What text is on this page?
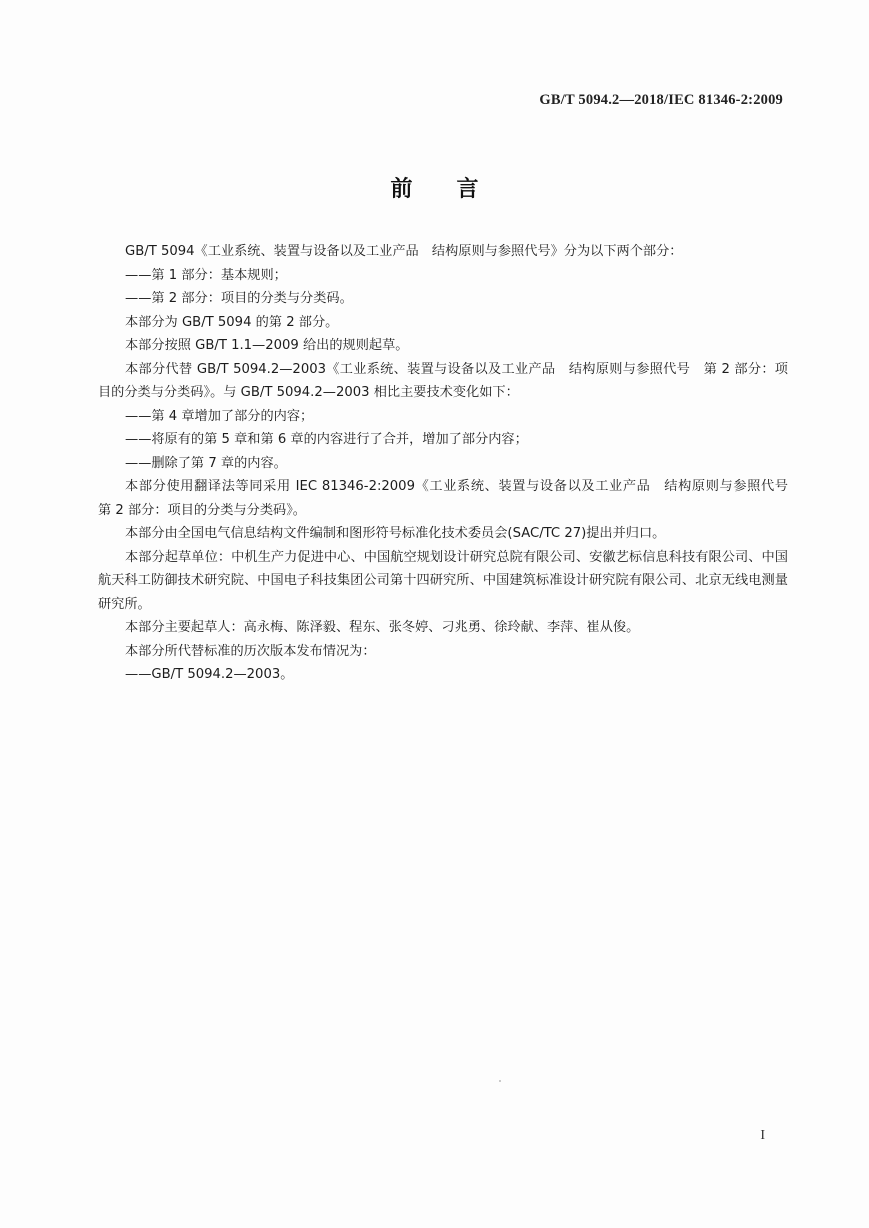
GB/T 5094.2—2018/IEC 81346-2:2009
前言

GB/T 5094《工业系统、装置与设备以及工业产品　结构原则与参照代号》分为以下两个部分：

——第 1 部分：基本规则；

——第 2 部分：项目的分类与分类码。

本部分为 GB/T 5094 的第 2 部分。

本部分按照 GB/T 1.1—2009 给出的规则起草。

本部分代替 GB/T 5094.2—2003《工业系统、装置与设备以及工业产品　结构原则与参照代号　第 2 部分：项目的分类与分类码》。与 GB/T 5094.2—2003 相比主要技术变化如下：

——第 4 章增加了部分的内容；

——将原有的第 5 章和第 6 章的内容进行了合并，增加了部分内容；

——删除了第 7 章的内容。

本部分使用翻译法等同采用 IEC 81346-2:2009《工业系统、装置与设备以及工业产品　结构原则与参照代号　第 2 部分：项目的分类与分类码》。

本部分由全国电气信息结构文件编制和图形符号标准化技术委员会(SAC/TC 27)提出并归口。

本部分起草单位：中机生产力促进中心、中国航空规划设计研究总院有限公司、安徽艺标信息科技有限公司、中国航天科工防御技术研究院、中国电子科技集团公司第十四研究所、中国建筑标准设计研究院有限公司、北京无线电测量研究所。

本部分主要起草人：高永梅、陈泽毅、程东、张冬婷、刁兆勇、徐玲献、李萍、崔从俊。

本部分所代替标准的历次版本发布情况为：

——GB/T 5094.2—2003。

I
